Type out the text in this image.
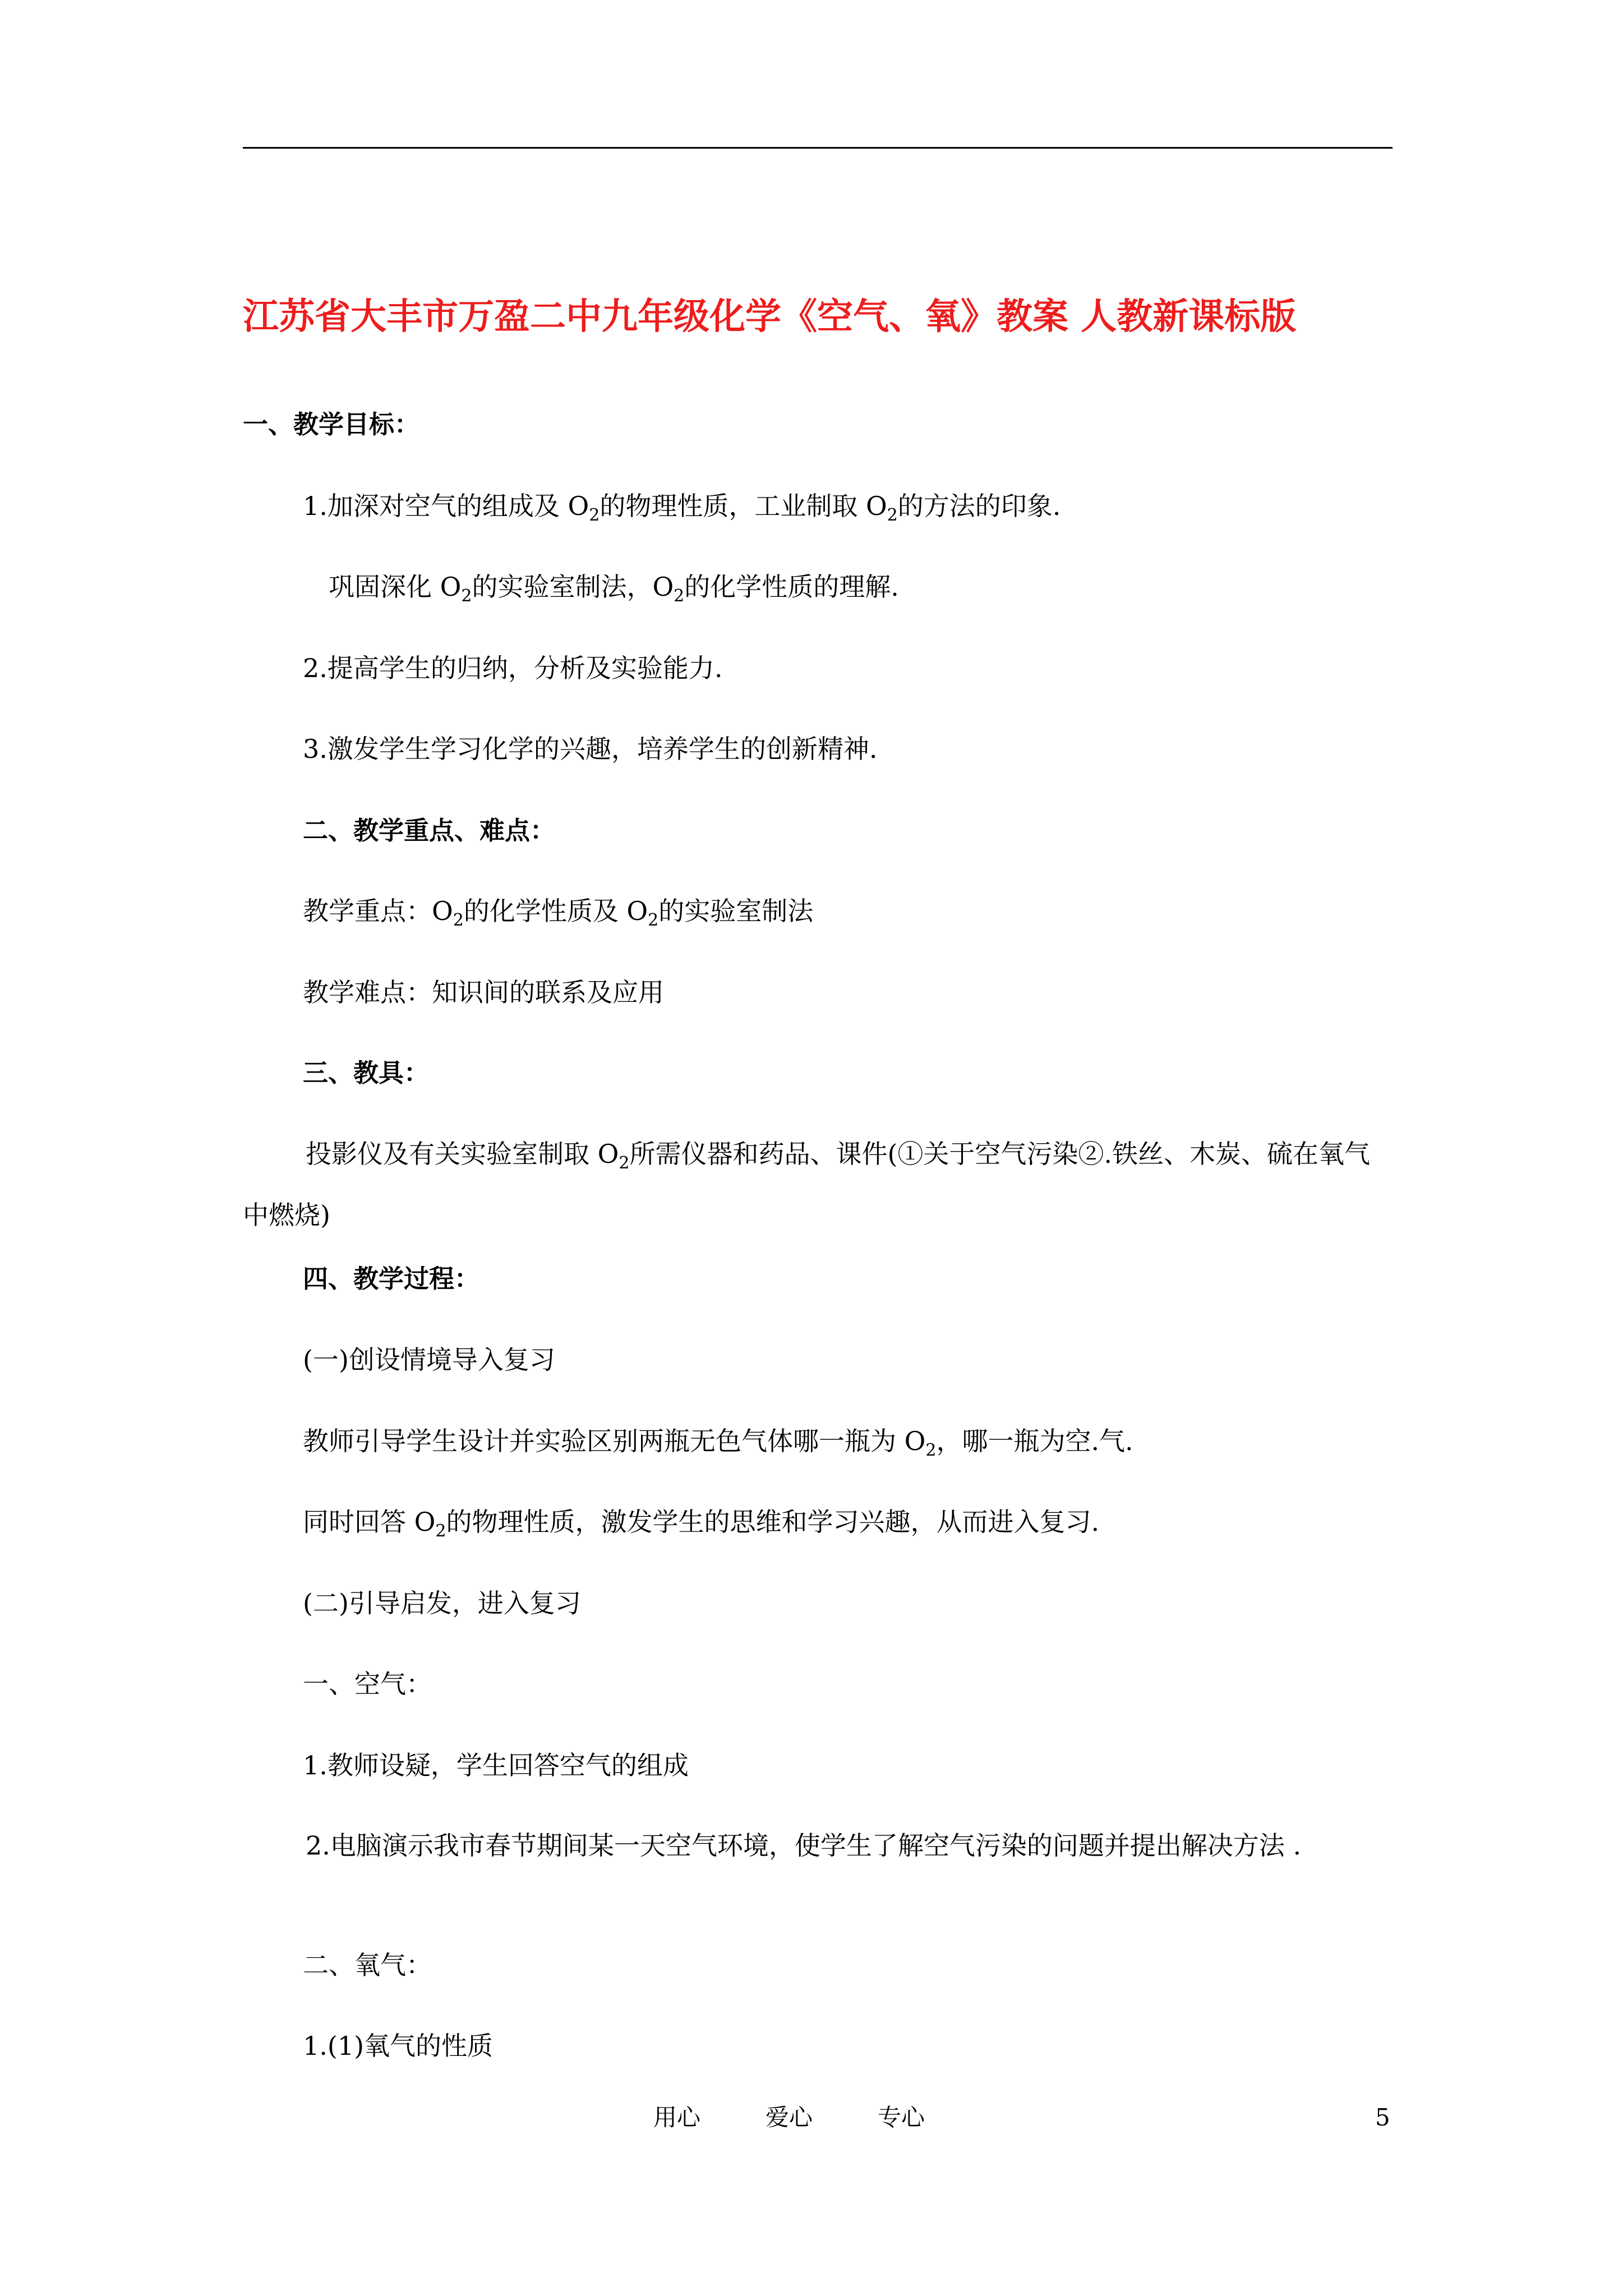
江苏省大丰市万盈二中九年级化学《空气、氧》教案 人教新课标版
一、教学目标：
1.加深对空气的组成及 $O_2$的物理性质，工业制取 $O_2$的方法的印象.
巩固深化 $O_2$的实验室制法，$O_2$的化学性质的理解.
2.提高学生的归纳，分析及实验能力.
3.激发学生学习化学的兴趣，培养学生的创新精神.
二、教学重点、难点：
教学重点：$O_2$的化学性质及 $O_2$的实验室制法
教学难点：知识间的联系及应用
三、教具：

投影仪及有关实验室制取 $O_2$所需仪器和药品、课件(①关于空气污染②.铁丝、木炭、硫在氧气中燃烧)

四、教学过程：
(一)创设情境导入复习
教师引导学生设计并实验区别两瓶无色气体哪一瓶为 $O_2$，哪一瓶为空.气.
同时回答 $O_2$的物理性质，激发学生的思维和学习兴趣，从而进入复习.
(二)引导启发，进入复习
一、空气：
1.教师设疑，学生回答空气的组成

2.电脑演示我市春节期间某一天空气环境，使学生了解空气污染的问题并提出解决方法 .

二、氧气：
1.(1)氧气的性质
用心	爱心	专心	5
